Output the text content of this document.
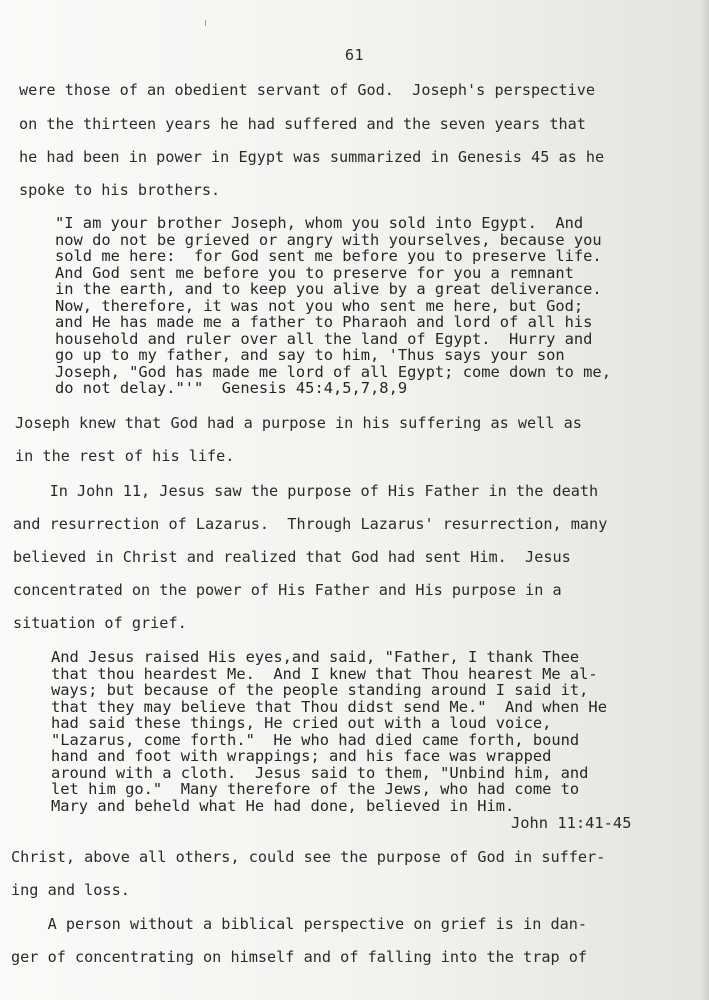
61
were those of an obedient servant of God.  Joseph's perspective
on the thirteen years he had suffered and the seven years that
he had been in power in Egypt was summarized in Genesis 45 as he
spoke to his brothers.
"I am your brother Joseph, whom you sold into Egypt.  And
now do not be grieved or angry with yourselves, because you
sold me here:  for God sent me before you to preserve life.
And God sent me before you to preserve for you a remnant
in the earth, and to keep you alive by a great deliverance.
Now, therefore, it was not you who sent me here, but God;
and He has made me a father to Pharaoh and lord of all his
household and ruler over all the land of Egypt.  Hurry and
go up to my father, and say to him, 'Thus says your son
Joseph, "God has made me lord of all Egypt; come down to me,
do not delay."'"  Genesis 45:4,5,7,8,9
Joseph knew that God had a purpose in his suffering as well as
in the rest of his life.
In John 11, Jesus saw the purpose of His Father in the death
and resurrection of Lazarus.  Through Lazarus' resurrection, many
believed in Christ and realized that God had sent Him.  Jesus
concentrated on the power of His Father and His purpose in a
situation of grief.
And Jesus raised His eyes,and said, "Father, I thank Thee
that thou heardest Me.  And I knew that Thou hearest Me al-
ways; but because of the people standing around I said it,
that they may believe that Thou didst send Me."  And when He
had said these things, He cried out with a loud voice,
"Lazarus, come forth."  He who had died came forth, bound
hand and foot with wrappings; and his face was wrapped
around with a cloth.  Jesus said to them, "Unbind him, and
let him go."  Many therefore of the Jews, who had come to
Mary and beheld what He had done, believed in Him.
John 11:41-45
Christ, above all others, could see the purpose of God in suffer-
ing and loss.
A person without a biblical perspective on grief is in dan-
ger of concentrating on himself and of falling into the trap of
